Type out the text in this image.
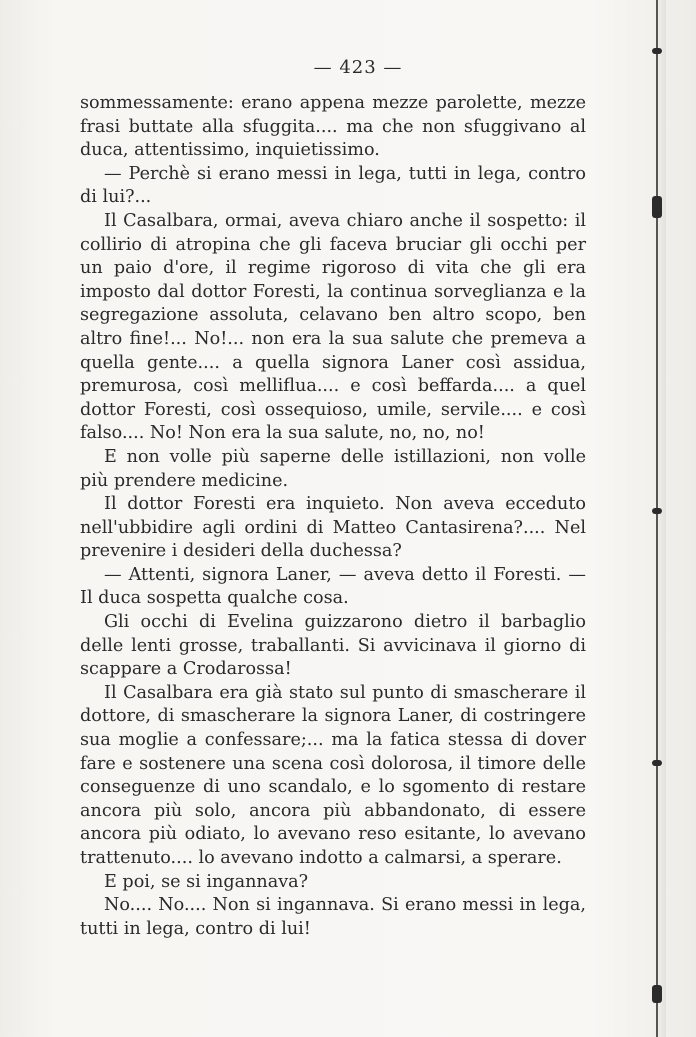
— 423 —

sommessamente: erano appena mezze parolette, mezze frasi buttate alla sfuggita.... ma che non sfuggivano al duca, attentissimo, inquietissimo.

— Perchè si erano messi in lega, tutti in lega, contro di lui?...

Il Casalbara, ormai, aveva chiaro anche il sospetto: il collirio di atropina che gli faceva bruciar gli occhi per un paio d'ore, il regime rigoroso di vita che gli era imposto dal dottor Foresti, la continua sorveglianza e la segregazione assoluta, celavano ben altro scopo, ben altro fine!... No!... non era la sua salute che premeva a quella gente.... a quella signora Laner così assidua, premurosa, così melliflua.... e così beffarda.... a quel dottor Foresti, così ossequioso, umile, servile.... e così falso.... No! Non era la sua salute, no, no, no!

E non volle più saperne delle istillazioni, non volle più prendere medicine.

Il dottor Foresti era inquieto. Non aveva ecceduto nell'ubbidire agli ordini di Matteo Cantasirena?.... Nel prevenire i desideri della duchessa?

— Attenti, signora Laner, — aveva detto il Foresti. — Il duca sospetta qualche cosa.

Gli occhi di Evelina guizzarono dietro il barbaglio delle lenti grosse, traballanti. Si avvicinava il giorno di scappare a Crodarossa!

Il Casalbara era già stato sul punto di smascherare il dottore, di smascherare la signora Laner, di costringere sua moglie a confessare;... ma la fatica stessa di dover fare e sostenere una scena così dolorosa, il timore delle conseguenze di uno scandalo, e lo sgomento di restare ancora più solo, ancora più abbandonato, di essere ancora più odiato, lo avevano reso esitante, lo avevano trattenuto.... lo avevano indotto a calmarsi, a sperare.

E poi, se si ingannava?

No.... No.... Non si ingannava. Si erano messi in lega, tutti in lega, contro di lui!
